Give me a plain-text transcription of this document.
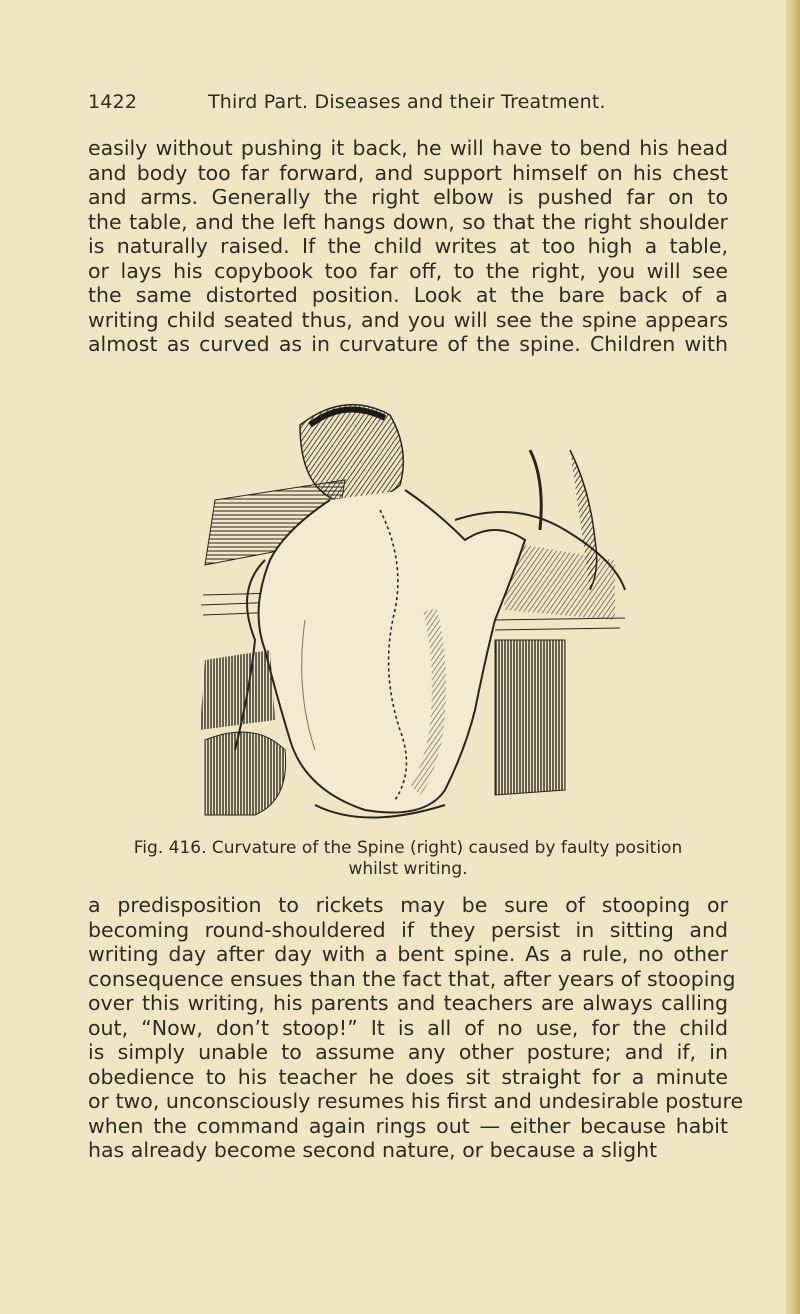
1422	Third Part. Diseases and their Treatment.
easily without pushing it back, he will have to bend his head
and body too far forward, and support himself on his chest
and arms. Generally the right elbow is pushed far on to
the table, and the left hangs down, so that the right shoulder
is naturally raised. If the child writes at too high a table,
or lays his copybook too far off, to the right, you will see
the same distorted position. Look at the bare back of a
writing child seated thus, and you will see the spine appears
almost as curved as in curvature of the spine. Children with
Fig. 416. Curvature of the Spine (right) caused by faulty position
whilst writing.
a predisposition to rickets may be sure of stooping or
becoming round-shouldered if they persist in sitting and
writing day after day with a bent spine. As a rule, no other
consequence ensues than the fact that, after years of stooping
over this writing, his parents and teachers are always calling
out, “Now, don’t stoop!” It is all of no use, for the child
is simply unable to assume any other posture; and if, in
obedience to his teacher he does sit straight for a minute
or two, unconsciously resumes his first and undesirable posture
when the command again rings out — either because habit
has already become second nature, or because a slight
